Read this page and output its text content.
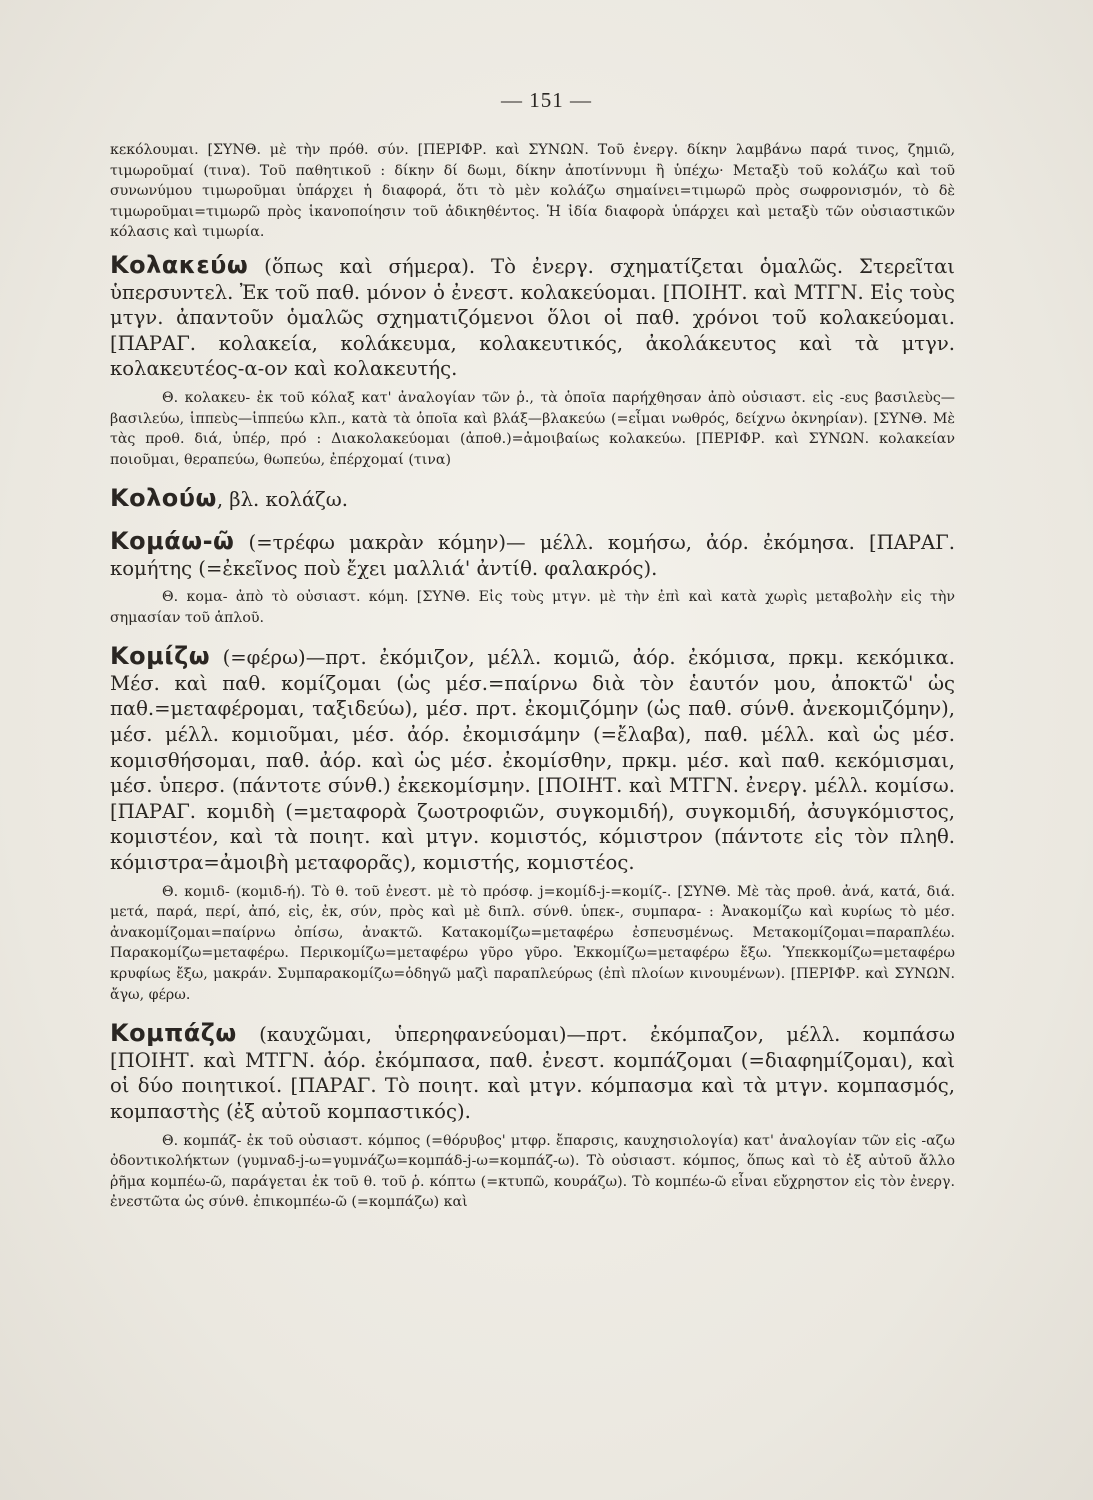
— 151 —

κεκόλουμαι. [ΣΥΝΘ. μὲ τὴν πρόθ. σύν. [ΠΕΡΙΦΡ. καὶ ΣΥΝΩΝ. Τοῦ ἐνεργ. δίκην λαμβάνω παρά τινος, ζημιῶ, τιμωροῦμαί (τινα). Τοῦ παθητικοῦ : δίκην δί δωμι, δίκην ἀποτίννυμι ἢ ὑπέχω· Μεταξὺ τοῦ κολάζω καὶ τοῦ συνωνύμου τιμωροῦμαι ὑπάρχει ἡ διαφορά, ὅτι τὸ μὲν κολάζω σημαίνει=τιμωρῶ πρὸς σωφρονισμόν, τὸ δὲ τιμωροῦμαι=τιμωρῶ πρὸς ἱκανοποίησιν τοῦ ἀδικηθέντος. Ἡ ἰδία διαφορὰ ὑπάρχει καὶ μεταξὺ τῶν οὐσιαστικῶν κόλασις καὶ τιμωρία.

Κολακεύω (ὅπως καὶ σήμερα). Τὸ ἐνεργ. σχηματίζεται ὁμαλῶς. Στερεῖται ὑπερσυντελ. Ἐκ τοῦ παθ. μόνον ὁ ἐνεστ. κολακεύομαι. [ΠΟΙΗΤ. καὶ ΜΤΓΝ. Εἰς τοὺς μτγν. ἀπαντοῦν ὁμαλῶς σχηματιζόμενοι ὅλοι οἱ παθ. χρόνοι τοῦ κολακεύομαι. [ΠΑΡΑΓ. κολακεία, κολάκευμα, κολακευτικός, ἀκολάκευτος καὶ τὰ μτγν. κολακευτέος-α-ον καὶ κολακευτής.

Θ. κολακευ- ἐκ τοῦ κόλαξ κατ' ἀναλογίαν τῶν ῥ., τὰ ὁποῖα παρήχθησαν ἀπὸ οὐσιαστ. εἰς -ευς βασιλεὺς—βασιλεύω, ἱππεὺς—ἱππεύω κλπ., κατὰ τὰ ὁποῖα καὶ βλάξ—βλακεύω (=εἶμαι νωθρός, δείχνω ὀκνηρίαν). [ΣΥΝΘ. Μὲ τὰς προθ. διά, ὑπέρ, πρό : Διακολακεύομαι (ἀποθ.)=ἀμοιβαίως κολακεύω. [ΠΕΡΙΦΡ. καὶ ΣΥΝΩΝ. κολακείαν ποιοῦμαι, θεραπεύω, θωπεύω, ἐπέρχομαί (τινα)

Κολούω, βλ. κολάζω.

Κομάω-ῶ (=τρέφω μακρὰν κόμην)— μέλλ. κομήσω, ἀόρ. ἐκόμησα. [ΠΑΡΑΓ. κομήτης (=ἐκεῖνος ποὺ ἔχει μαλλιά' ἀντίθ. φαλακρός).

Θ. κομα- ἀπὸ τὸ οὐσιαστ. κόμη. [ΣΥΝΘ. Εἰς τοὺς μτγν. μὲ τὴν ἐπὶ καὶ κατὰ χωρὶς μεταβολὴν εἰς τὴν σημασίαν τοῦ ἁπλοῦ.

Κομίζω (=φέρω)—πρτ. ἐκόμιζον, μέλλ. κομιῶ, ἀόρ. ἐκόμισα, πρκμ. κεκόμικα. Μέσ. καὶ παθ. κομίζομαι (ὡς μέσ.=παίρνω διὰ τὸν ἑαυτόν μου, ἀποκτῶ' ὡς παθ.=μεταφέρομαι, ταξιδεύω), μέσ. πρτ. ἐκομιζόμην (ὡς παθ. σύνθ. ἀνεκομιζόμην), μέσ. μέλλ. κομιοῦμαι, μέσ. ἀόρ. ἐκομισάμην (=ἔλαβα), παθ. μέλλ. καὶ ὡς μέσ. κομισθήσομαι, παθ. ἀόρ. καὶ ὡς μέσ. ἐκομίσθην, πρκμ. μέσ. καὶ παθ. κεκόμισμαι, μέσ. ὑπερσ. (πάντοτε σύνθ.) ἐκεκομίσμην. [ΠΟΙΗΤ. καὶ ΜΤΓΝ. ἐνεργ. μέλλ. κομίσω. [ΠΑΡΑΓ. κομιδὴ (=μεταφορὰ ζωοτροφιῶν, συγκομιδή), συγκομιδή, ἀσυγκόμιστος, κομιστέον, καὶ τὰ ποιητ. καὶ μτγν. κομιστός, κόμιστρον (πάντοτε εἰς τὸν πληθ. κόμιστρα=ἀμοιβὴ μεταφορᾶς), κομιστής, κομιστέος.

Θ. κομιδ- (κομιδ-ή). Τὸ θ. τοῦ ἐνεστ. μὲ τὸ πρόσφ. j=κομίδ-j-=κομίζ-. [ΣΥΝΘ. Μὲ τὰς προθ. ἀνά, κατά, διά. μετά, παρά, περί, ἀπό, εἰς, ἐκ, σύν, πρὸς καὶ μὲ διπλ. σύνθ. ὑπεκ-, συμπαρα- : Ἀνακομίζω καὶ κυρίως τὸ μέσ. ἀνακομίζομαι=παίρνω ὀπίσω, ἀνακτῶ. Κατακομίζω=μεταφέρω ἐσπευσμένως. Μετακομίζομαι=παραπλέω. Παρακομίζω=μεταφέρω. Περικομίζω=μεταφέρω γῦρο γῦρο. Ἐκκομίζω=μεταφέρω ἔξω. Ὑπεκκομίζω=μεταφέρω κρυφίως ἔξω, μακράν. Συμπαρακομίζω=ὁδηγῶ μαζὶ παραπλεύρως (ἐπὶ πλοίων κινουμένων). [ΠΕΡΙΦΡ. καὶ ΣΥΝΩΝ. ἄγω, φέρω.

Κομπάζω (καυχῶμαι, ὑπερηφανεύομαι)—πρτ. ἐκόμπαζον, μέλλ. κομπάσω [ΠΟΙΗΤ. καὶ ΜΤΓΝ. ἀόρ. ἐκόμπασα, παθ. ἐνεστ. κομπάζομαι (=διαφημίζομαι), καὶ οἱ δύο ποιητικοί. [ΠΑΡΑΓ. Τὸ ποιητ. καὶ μτγν. κόμπασμα καὶ τὰ μτγν. κομπασμός, κομπαστὴς (ἐξ αὐτοῦ κομπαστικός).

Θ. κομπάζ- ἐκ τοῦ οὐσιαστ. κόμπος (=θόρυβος' μτφρ. ἔπαρσις, καυχησιολογία) κατ' ἀναλογίαν τῶν εἰς -αζω ὀδοντικολήκτων (γυμναδ-j-ω=γυμνάζω=κομπάδ-j-ω=κομπάζ-ω). Τὸ οὐσιαστ. κόμπος, ὅπως καὶ τὸ ἐξ αὐτοῦ ἄλλο ῥῆμα κομπέω-ῶ, παράγεται ἐκ τοῦ θ. τοῦ ῥ. κόπτω (=κτυπῶ, κουράζω). Τὸ κομπέω-ῶ εἶναι εὔχρηστον εἰς τὸν ἐνεργ. ἐνεστῶτα ὡς σύνθ. ἐπικομπέω-ῶ (=κομπάζω) καὶ
